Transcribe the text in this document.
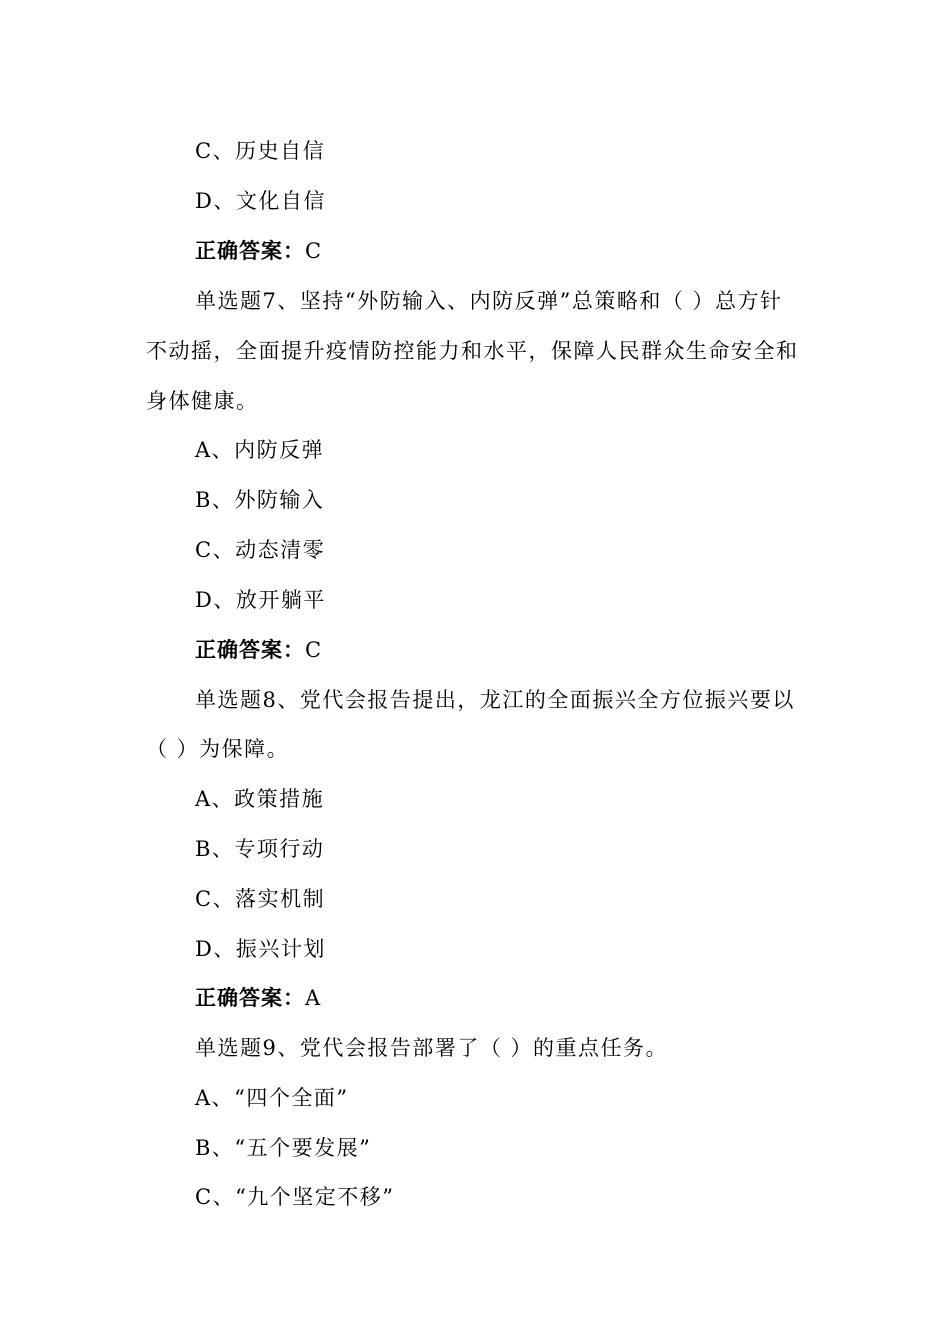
C、历史自信
D、文化自信
正确答案：C
单选题7、坚持“外防输入、内防反弹”总策略和（ ）总方针
不动摇，全面提升疫情防控能力和水平，保障人民群众生命安全和
身体健康。
A、内防反弹
B、外防输入
C、动态清零
D、放开躺平
正确答案：C
单选题8、党代会报告提出，龙江的全面振兴全方位振兴要以
（ ）为保障。
A、政策措施
B、专项行动
C、落实机制
D、振兴计划
正确答案：A
单选题9、党代会报告部署了（ ）的重点任务。
A、“四个全面”
B、“五个要发展”
C、“九个坚定不移”
